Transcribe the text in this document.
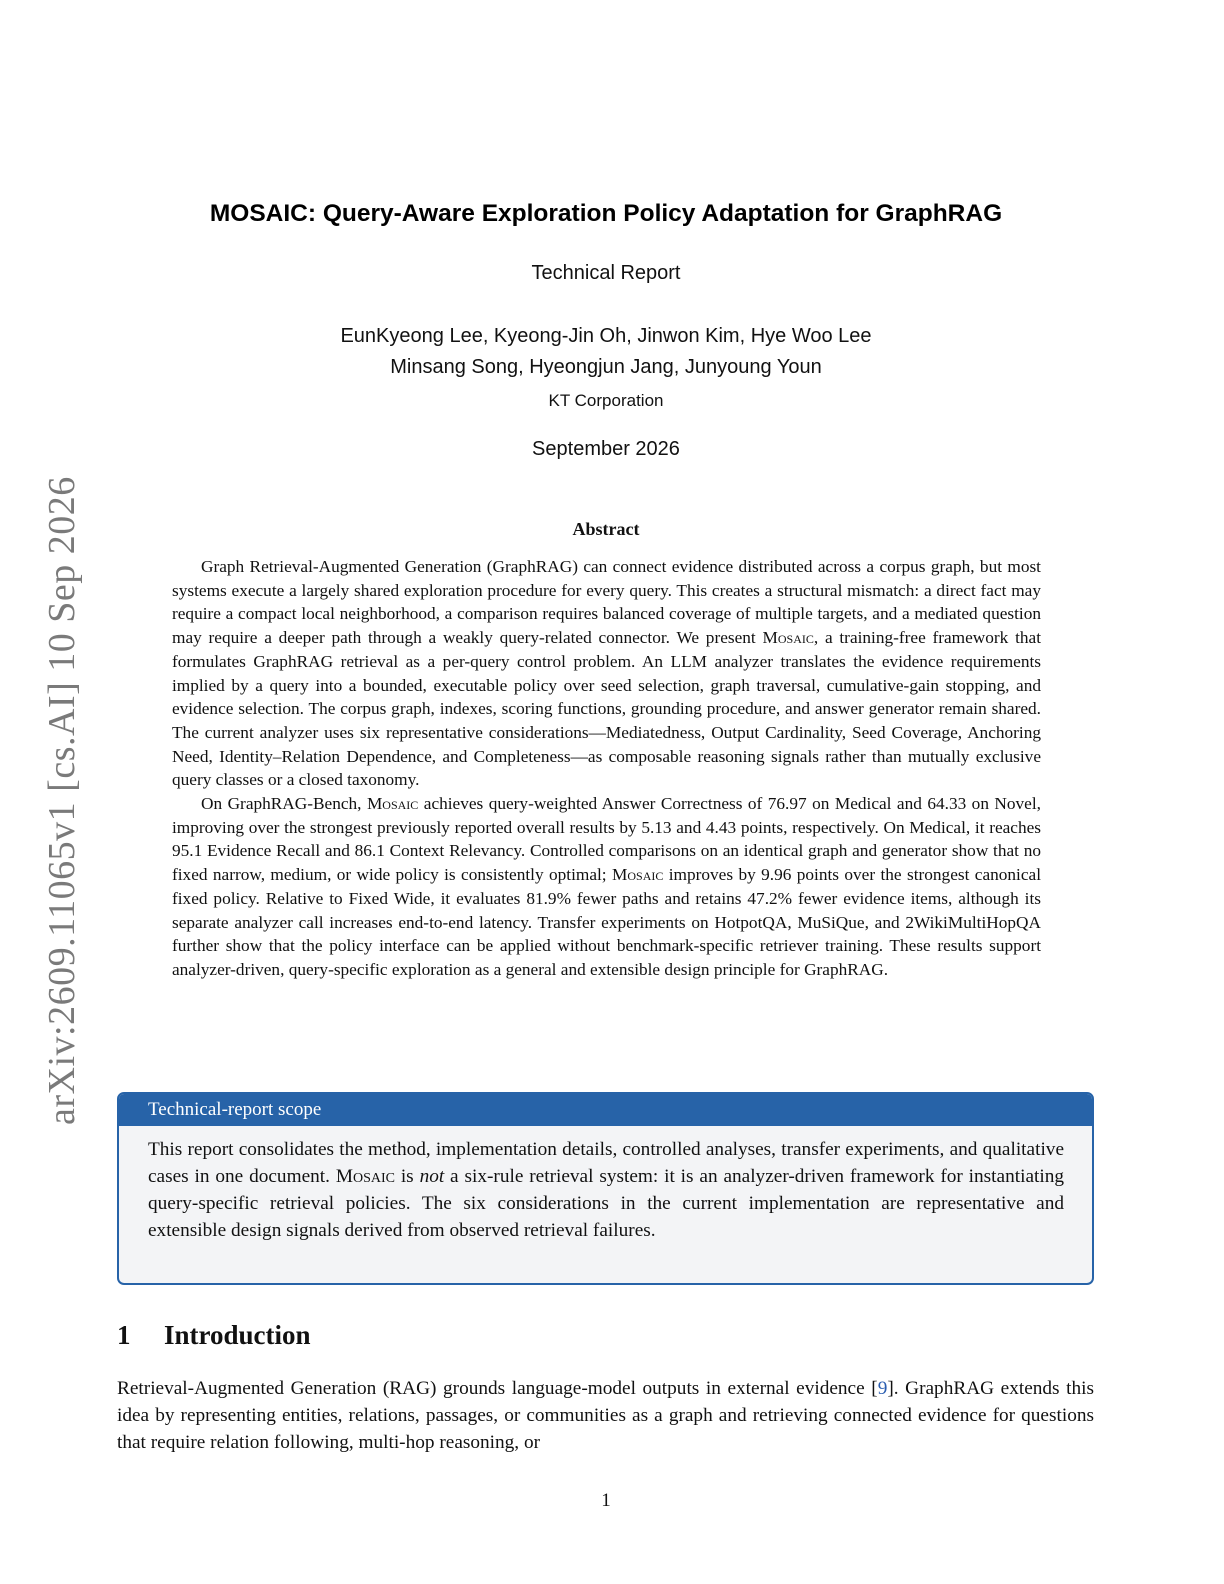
arXiv:2609.11065v1 [cs.AI] 10 Sep 2026
MOSAIC: Query-Aware Exploration Policy Adaptation for GraphRAG
Technical Report
EunKyeong Lee, Kyeong-Jin Oh, Jinwon Kim, Hye Woo Lee
Minsang Song, Hyeongjun Jang, Junyoung Youn
KT Corporation
September 2026
Abstract

Graph Retrieval-Augmented Generation (GraphRAG) can connect evidence distributed across a corpus graph, but most systems execute a largely shared exploration procedure for every query. This creates a structural mismatch: a direct fact may require a compact local neighborhood, a comparison requires balanced coverage of multiple targets, and a mediated question may require a deeper path through a weakly query-related connector. We present Mosaic, a training-free framework that formulates GraphRAG retrieval as a per-query control problem. An LLM analyzer translates the evidence requirements implied by a query into a bounded, executable policy over seed selection, graph traversal, cumulative-gain stopping, and evidence selection. The corpus graph, indexes, scoring functions, grounding procedure, and answer generator remain shared. The current analyzer uses six representative considerations—Mediatedness, Output Cardinality, Seed Coverage, Anchoring Need, Identity–Relation Dependence, and Completeness—as composable reasoning signals rather than mutually exclusive query classes or a closed taxonomy.

On GraphRAG-Bench, Mosaic achieves query-weighted Answer Correctness of 76.97 on Medical and 64.33 on Novel, improving over the strongest previously reported overall results by 5.13 and 4.43 points, respectively. On Medical, it reaches 95.1 Evidence Recall and 86.1 Context Relevancy. Controlled comparisons on an identical graph and generator show that no fixed narrow, medium, or wide policy is consistently optimal; Mosaic improves by 9.96 points over the strongest canonical fixed policy. Relative to Fixed Wide, it evaluates 81.9% fewer paths and retains 47.2% fewer evidence items, although its separate analyzer call increases end-to-end latency. Transfer experiments on HotpotQA, MuSiQue, and 2WikiMultiHopQA further show that the policy interface can be applied without benchmark-specific retriever training. These results support analyzer-driven, query-specific exploration as a general and extensible design principle for GraphRAG.

Technical-report scope
This report consolidates the method, implementation details, controlled analyses, transfer experiments, and qualitative cases in one document. Mosaic is not a six-rule retrieval system: it is an analyzer-driven framework for instantiating query-specific retrieval policies. The six considerations in the current implementation are representative and extensible design signals derived from observed retrieval failures.
1 Introduction
Retrieval-Augmented Generation (RAG) grounds language-model outputs in external evidence [9]. GraphRAG extends this idea by representing entities, relations, passages, or communities as a graph and retrieving connected evidence for questions that require relation following, multi-hop reasoning, or
1
